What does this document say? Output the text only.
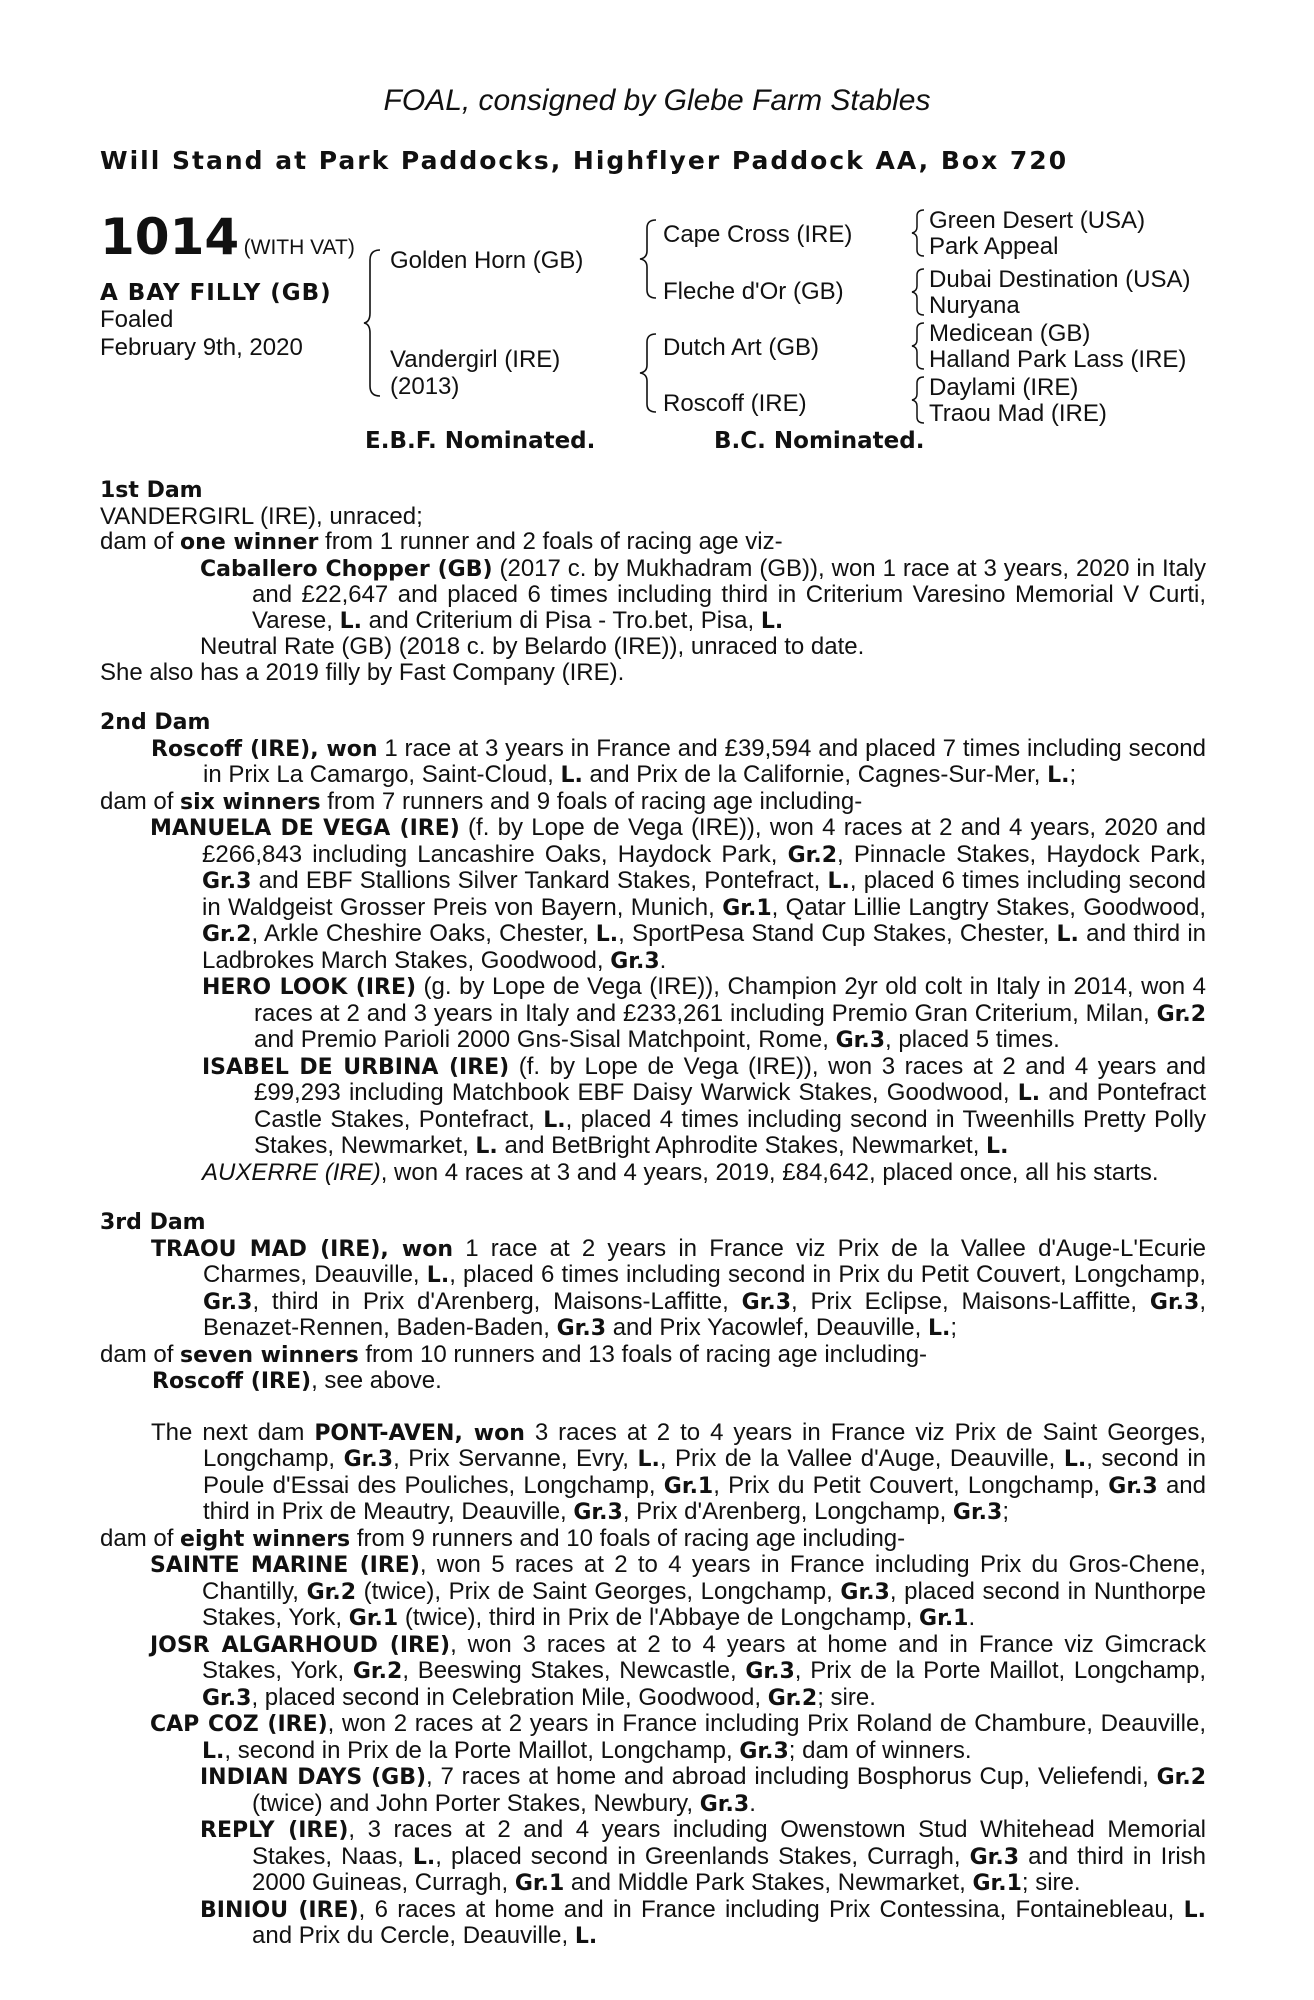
FOAL, consigned by Glebe Farm Stables
Will Stand at Park Paddocks, Highflyer Paddock AA, Box 720
1014 (WITH VAT)
A BAY FILLY (GB)
Foaled
February 9th, 2020
Golden Horn (GB)
Vandergirl (IRE)
(2013)
Cape Cross (IRE)
Fleche d'Or (GB)
Dutch Art (GB)
Roscoff (IRE)
Green Desert (USA)
Park Appeal
Dubai Destination (USA)
Nuryana
Medicean (GB)
Halland Park Lass (IRE)
Daylami (IRE)
Traou Mad (IRE)
E.B.F. Nominated.	B.C. Nominated.

1st Dam

VANDERGIRL (IRE), unraced;

dam of one winner from 1 runner and 2 foals of racing age viz-

Caballero Chopper (GB) (2017 c. by Mukhadram (GB)), won 1 race at 3 years, 2020 in Italy and £22,647 and placed 6 times including third in Criterium Varesino Memorial V Curti, Varese, L. and Criterium di Pisa - Tro.bet, Pisa, L.

Neutral Rate (GB) (2018 c. by Belardo (IRE)), unraced to date.

She also has a 2019 filly by Fast Company (IRE).

2nd Dam

Roscoff (IRE), won 1 race at 3 years in France and £39,594 and placed 7 times including second in Prix La Camargo, Saint-Cloud, L. and Prix de la Californie, Cagnes-Sur-Mer, L.;

dam of six winners from 7 runners and 9 foals of racing age including-

MANUELA DE VEGA (IRE) (f. by Lope de Vega (IRE)), won 4 races at 2 and 4 years, 2020 and £266,843 including Lancashire Oaks, Haydock Park, Gr.2, Pinnacle Stakes, Haydock Park, Gr.3 and EBF Stallions Silver Tankard Stakes, Pontefract, L., placed 6 times including second in Waldgeist Grosser Preis von Bayern, Munich, Gr.1, Qatar Lillie Langtry Stakes, Goodwood, Gr.2, Arkle Cheshire Oaks, Chester, L., SportPesa Stand Cup Stakes, Chester, L. and third in Ladbrokes March Stakes, Goodwood, Gr.3.

HERO LOOK (IRE) (g. by Lope de Vega (IRE)), Champion 2yr old colt in Italy in 2014, won 4 races at 2 and 3 years in Italy and £233,261 including Premio Gran Criterium, Milan, Gr.2 and Premio Parioli 2000 Gns-Sisal Matchpoint, Rome, Gr.3, placed 5 times.

ISABEL DE URBINA (IRE) (f. by Lope de Vega (IRE)), won 3 races at 2 and 4 years and £99,293 including Matchbook EBF Daisy Warwick Stakes, Goodwood, L. and Pontefract Castle Stakes, Pontefract, L., placed 4 times including second in Tweenhills Pretty Polly Stakes, Newmarket, L. and BetBright Aphrodite Stakes, Newmarket, L.

AUXERRE (IRE), won 4 races at 3 and 4 years, 2019, £84,642, placed once, all his starts.

3rd Dam

TRAOU MAD (IRE), won 1 race at 2 years in France viz Prix de la Vallee d'Auge-L'Ecurie Charmes, Deauville, L., placed 6 times including second in Prix du Petit Couvert, Longchamp, Gr.3, third in Prix d'Arenberg, Maisons-Laffitte, Gr.3, Prix Eclipse, Maisons-Laffitte, Gr.3, Benazet-Rennen, Baden-Baden, Gr.3 and Prix Yacowlef, Deauville, L.;

dam of seven winners from 10 runners and 13 foals of racing age including-

Roscoff (IRE), see above.

The next dam PONT-AVEN, won 3 races at 2 to 4 years in France viz Prix de Saint Georges, Longchamp, Gr.3, Prix Servanne, Evry, L., Prix de la Vallee d'Auge, Deauville, L., second in Poule d'Essai des Pouliches, Longchamp, Gr.1, Prix du Petit Couvert, Longchamp, Gr.3 and third in Prix de Meautry, Deauville, Gr.3, Prix d'Arenberg, Longchamp, Gr.3;

dam of eight winners from 9 runners and 10 foals of racing age including-

SAINTE MARINE (IRE), won 5 races at 2 to 4 years in France including Prix du Gros-Chene, Chantilly, Gr.2 (twice), Prix de Saint Georges, Longchamp, Gr.3, placed second in Nunthorpe Stakes, York, Gr.1 (twice), third in Prix de l'Abbaye de Longchamp, Gr.1.

JOSR ALGARHOUD (IRE), won 3 races at 2 to 4 years at home and in France viz Gimcrack Stakes, York, Gr.2, Beeswing Stakes, Newcastle, Gr.3, Prix de la Porte Maillot, Longchamp, Gr.3, placed second in Celebration Mile, Goodwood, Gr.2; sire.

CAP COZ (IRE), won 2 races at 2 years in France including Prix Roland de Chambure, Deauville, L., second in Prix de la Porte Maillot, Longchamp, Gr.3; dam of winners.

INDIAN DAYS (GB), 7 races at home and abroad including Bosphorus Cup, Veliefendi, Gr.2 (twice) and John Porter Stakes, Newbury, Gr.3.

REPLY (IRE), 3 races at 2 and 4 years including Owenstown Stud Whitehead Memorial Stakes, Naas, L., placed second in Greenlands Stakes, Curragh, Gr.3 and third in Irish 2000 Guineas, Curragh, Gr.1 and Middle Park Stakes, Newmarket, Gr.1; sire.

BINIOU (IRE), 6 races at home and in France including Prix Contessina, Fontainebleau, L. and Prix du Cercle, Deauville, L.
